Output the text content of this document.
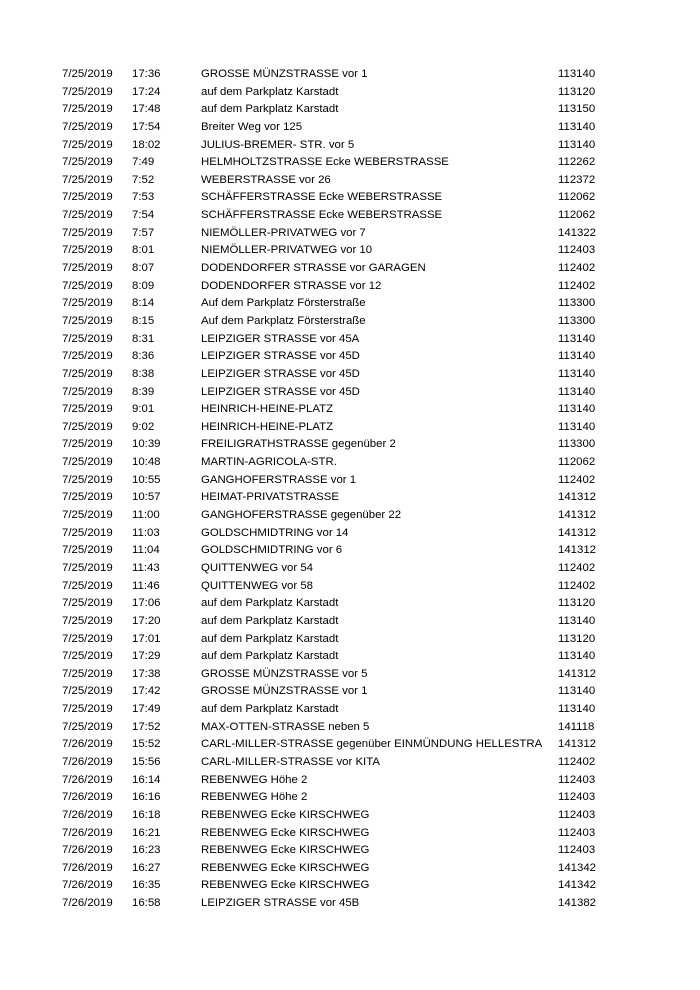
7/25/2019 17:36	GROSSE MÜNZSTRASSE vor 1	113140
7/25/2019 17:24	auf dem Parkplatz Karstadt	113120
7/25/2019 17:48	auf dem Parkplatz Karstadt	113150
7/25/2019 17:54	Breiter Weg vor 125	113140
7/25/2019 18:02	JULIUS-BREMER- STR. vor 5	113140
7/25/2019 7:49	HELMHOLTZSTRASSE Ecke WEBERSTRASSE	112262
7/25/2019 7:52	WEBERSTRASSE vor 26	112372
7/25/2019 7:53	SCHÄFFERSTRASSE Ecke WEBERSTRASSE	112062
7/25/2019 7:54	SCHÄFFERSTRASSE Ecke WEBERSTRASSE	112062
7/25/2019 7:57	NIEMÖLLER-PRIVATWEG vor 7	141322
7/25/2019 8:01	NIEMÖLLER-PRIVATWEG vor 10	112403
7/25/2019 8:07	DODENDORFER STRASSE vor GARAGEN	112402
7/25/2019 8:09	DODENDORFER STRASSE vor 12	112402
7/25/2019 8:14	Auf dem Parkplatz Försterstraße	113300
7/25/2019 8:15	Auf dem Parkplatz Försterstraße	113300
7/25/2019 8:31	LEIPZIGER STRASSE vor 45A	113140
7/25/2019 8:36	LEIPZIGER STRASSE vor 45D	113140
7/25/2019 8:38	LEIPZIGER STRASSE vor 45D	113140
7/25/2019 8:39	LEIPZIGER STRASSE vor 45D	113140
7/25/2019 9:01	HEINRICH-HEINE-PLATZ	113140
7/25/2019 9:02	HEINRICH-HEINE-PLATZ	113140
7/25/2019 10:39	FREILIGRATHSTRASSE gegenüber 2	113300
7/25/2019 10:48	MARTIN-AGRICOLA-STR.	112062
7/25/2019 10:55	GANGHOFERSTRASSE vor 1	112402
7/25/2019 10:57	HEIMAT-PRIVATSTRASSE	141312
7/25/2019 11:00	GANGHOFERSTRASSE gegenüber 22	141312
7/25/2019 11:03	GOLDSCHMIDTRING vor 14	141312
7/25/2019 11:04	GOLDSCHMIDTRING vor 6	141312
7/25/2019 11:43	QUITTENWEG vor 54	112402
7/25/2019 11:46	QUITTENWEG vor 58	112402
7/25/2019 17:06	auf dem Parkplatz Karstadt	113120
7/25/2019 17:20	auf dem Parkplatz Karstadt	113140
7/25/2019 17:01	auf dem Parkplatz Karstadt	113120
7/25/2019 17:29	auf dem Parkplatz Karstadt	113140
7/25/2019 17:38	GROSSE MÜNZSTRASSE vor 5	141312
7/25/2019 17:42	GROSSE MÜNZSTRASSE vor 1	113140
7/25/2019 17:49	auf dem Parkplatz Karstadt	113140
7/25/2019 17:52	MAX-OTTEN-STRASSE neben 5	141118
7/26/2019 15:52	CARL-MILLER-STRASSE gegenüber EINMÜNDUNG HELLESTRA	141312
7/26/2019 15:56	CARL-MILLER-STRASSE vor KITA	112402
7/26/2019 16:14	REBENWEG Höhe 2	112403
7/26/2019 16:16	REBENWEG Höhe 2	112403
7/26/2019 16:18	REBENWEG Ecke KIRSCHWEG	112403
7/26/2019 16:21	REBENWEG Ecke KIRSCHWEG	112403
7/26/2019 16:23	REBENWEG Ecke KIRSCHWEG	112403
7/26/2019 16:27	REBENWEG Ecke KIRSCHWEG	141342
7/26/2019 16:35	REBENWEG Ecke KIRSCHWEG	141342
7/26/2019 16:58	LEIPZIGER STRASSE vor 45B	141382
